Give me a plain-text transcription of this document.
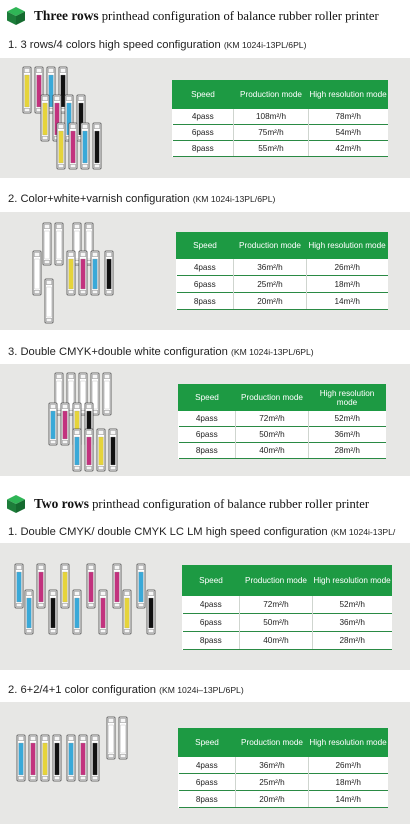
Three rows printhead configuration of balance rubber roller printer
1. 3 rows/4 colors high speed configuration (KM 1024i-13PL/6PL)
Speed	Production mode	High resolution mode
4pass	108m²/h	78m²/h
6pass	75m²/h	54m²/h
8pass	55m²/h	42m²/h
2. Color+white+varnish configuration (KM 1024i-13PL/6PL)
Speed	Production mode	High resolution mode
4pass	36m²/h	26m²/h
6pass	25m²/h	18m²/h
8pass	20m²/h	14m²/h
3. Double CMYK+double white configuration (KM 1024i-13PL/6PL)
Speed	Production mode	High resolution mode
4pass	72m²/h	52m²/h
6pass	50m²/h	36m²/h
8pass	40m²/h	28m²/h
Two rows printhead configuration of balance rubber roller printer
1. Double CMYK/ double CMYK LC LM high speed configuration (KM 1024i-13PL/
Speed	Production mode	High resolution mode
4pass	72m²/h	52m²/h
6pass	50m²/h	36m²/h
8pass	40m²/h	28m²/h
2. 6+2/4+1 color configuration (KM 1024i–13PL/6PL)
Speed	Production mode	High resolution mode
4pass	36m²/h	26m²/h
6pass	25m²/h	18m²/h
8pass	20m²/h	14m²/h
